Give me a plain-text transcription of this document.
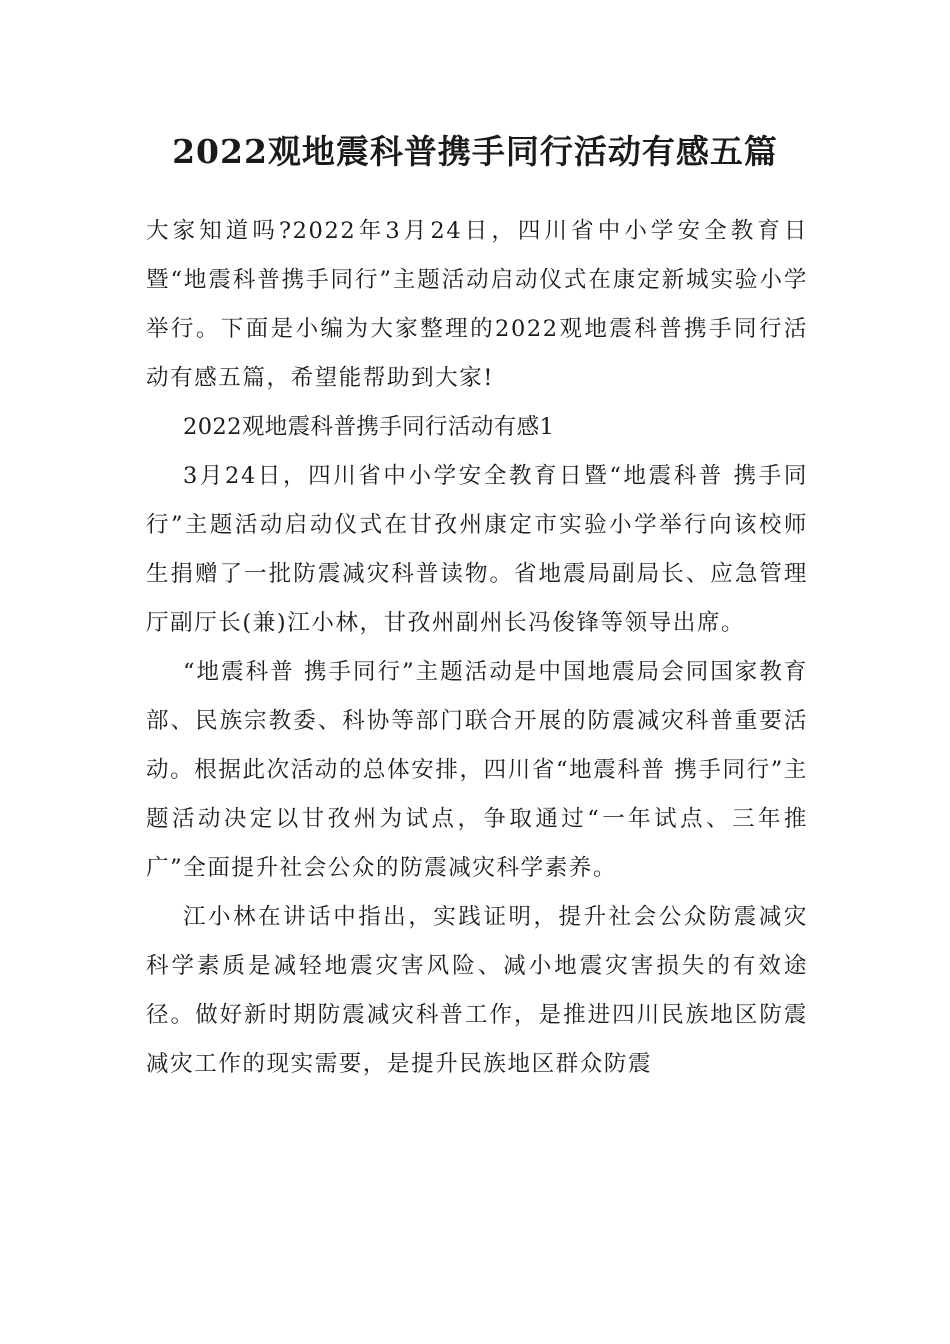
2022观地震科普携手同行活动有感五篇

大家知道吗?2022年3月24日，四川省中小学安全教育日暨“地震科普携手同行”主题活动启动仪式在康定新城实验小学举行。下面是小编为大家整理的2022观地震科普携手同行活动有感五篇，希望能帮助到大家!

2022观地震科普携手同行活动有感1

3月24日，四川省中小学安全教育日暨“地震科普 携手同行”主题活动启动仪式在甘孜州康定市实验小学举行向该校师生捐赠了一批防震减灾科普读物。省地震局副局长、应急管理厅副厅长(兼)江小林，甘孜州副州长冯俊锋等领导出席。

“地震科普 携手同行”主题活动是中国地震局会同国家教育部、民族宗教委、科协等部门联合开展的防震减灾科普重要活动。根据此次活动的总体安排，四川省“地震科普 携手同行”主题活动决定以甘孜州为试点，争取通过“一年试点、三年推广”全面提升社会公众的防震减灾科学素养。

江小林在讲话中指出，实践证明，提升社会公众防震减灾科学素质是减轻地震灾害风险、减小地震灾害损失的有效途径。做好新时期防震减灾科普工作，是推进四川民族地区防震减灾工作的现实需要，是提升民族地区群众防震
